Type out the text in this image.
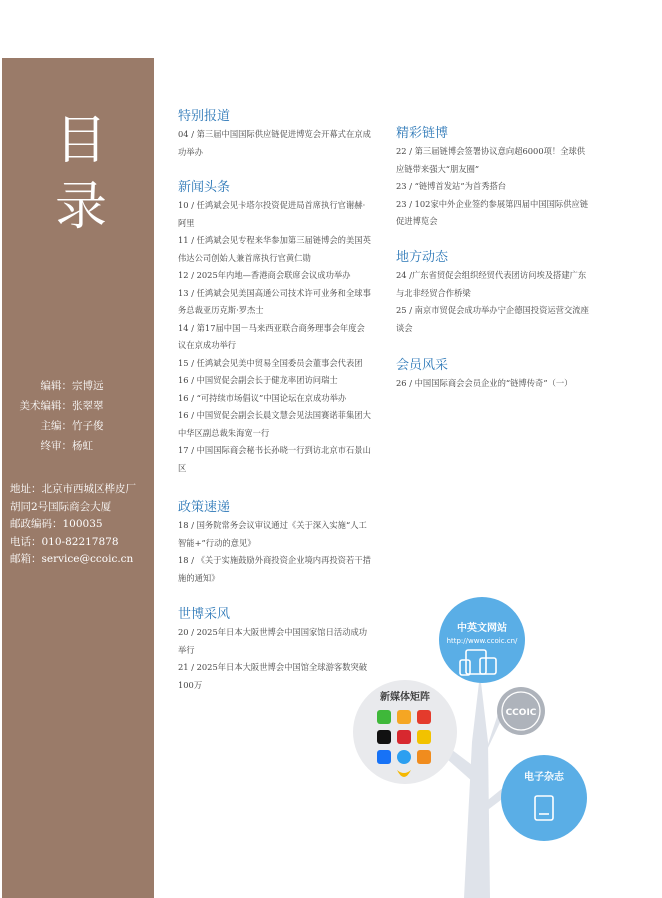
目
录
编辑：宗博远
美术编辑：张翠翠
主编：竹子俊
终审：杨虹
地址：北京市西城区桦皮厂
胡同2号国际商会大厦
邮政编码：100035
电话：010-82217878
邮箱：service@ccoic.cn
特别报道
04 / 第三届中国国际供应链促进博览会开幕式在京成功举办
新闻头条
10 / 任鸿斌会见卡塔尔投资促进局首席执行官谢赫·阿里
11 / 任鸿斌会见专程来华参加第三届链博会的美国英伟达公司创始人兼首席执行官黄仁勋
12 / 2025年内地—香港商会联席会议成功举办
13 / 任鸿斌会见美国高通公司技术许可业务和全球事务总裁亚历克斯·罗杰士
14 / 第17届中国－马来西亚联合商务理事会年度会议在京成功举行
15 / 任鸿斌会见美中贸易全国委员会董事会代表团
16 / 中国贸促会副会长于健龙率团访问瑞士
16 / “可持续市场倡议”中国论坛在京成功举办
16 / 中国贸促会副会长晨文慧会见法国赛诺菲集团大中华区副总裁朱海宽一行
17 / 中国国际商会秘书长孙晓一行到访北京市石景山区
政策速递
18 / 国务院常务会议审议通过《关于深入实施“人工智能+”行动的意见》
18 / 《关于实施鼓励外商投资企业境内再投资若干措施的通知》
世博采风
20 / 2025年日本大阪世博会中国国家馆日活动成功举行
21 / 2025年日本大阪世博会中国馆全球游客数突破100万
精彩链博
22 / 第三届链博会签署协议意向超6000项！全球供应链带来强大“朋友圈”
23 / “链博首发站”为首秀搭台
23 / 102家中外企业签约参展第四届中国国际供应链促进博览会
地方动态
24 /广东省贸促会组织经贸代表团访问埃及搭建广东与北非经贸合作桥梁
25 / 南京市贸促会成功举办宁企德国投资运营交流座谈会
会员风采
26 / 中国国际商会会员企业的“链博传奇”（一）
中英文网站
http://www.ccoic.cn/
CCOIC
新媒体矩阵
电子杂志
